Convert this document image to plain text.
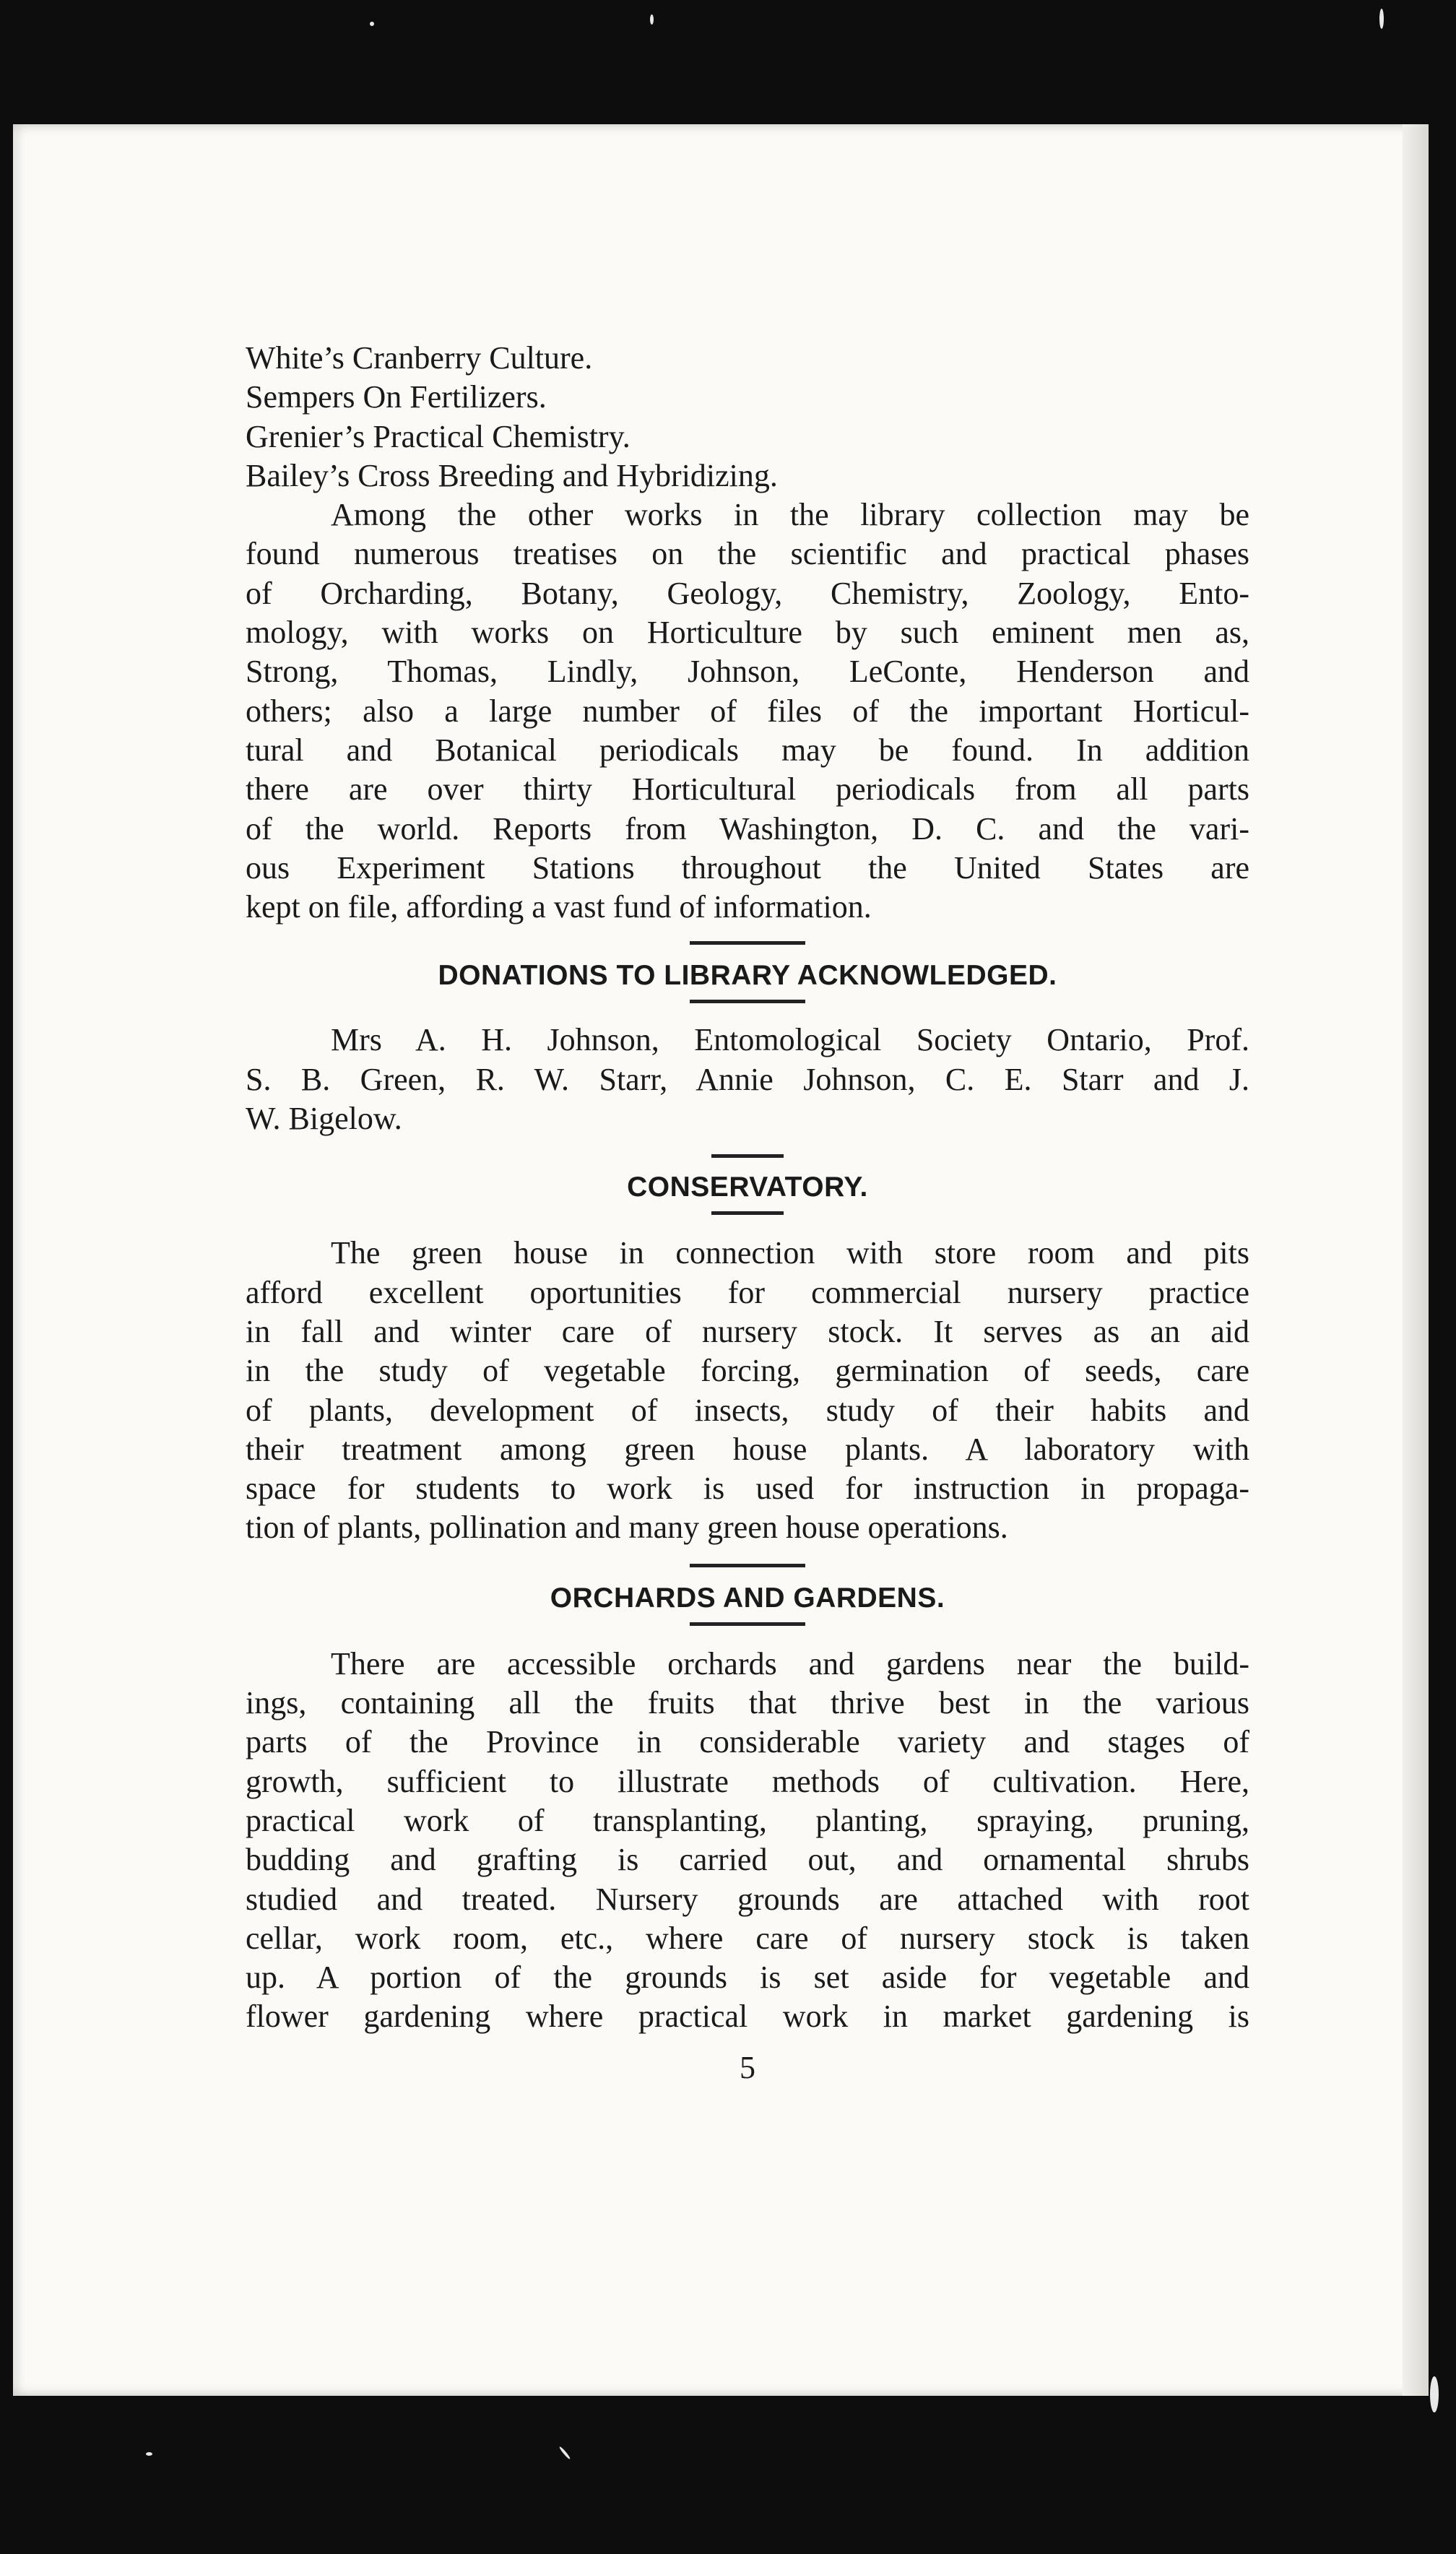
White’s Cranberry Culture.

Sempers On Fertilizers.

Grenier’s Practical Chemistry.

Bailey’s Cross Breeding and Hybridizing.

Among the other works in the library collection may be

found numerous treatises on the scientific and practical phases

of Orcharding, Botany, Geology, Chemistry, Zoology, Ento-

mology, with works on Horticulture by such eminent men as,

Strong, Thomas, Lindly, Johnson, LeConte, Henderson and

others; also a large number of files of the important Horticul-

tural and Botanical periodicals may be found. In addition

there are over thirty Horticultural periodicals from all parts

of the world. Reports from Washington, D. C. and the vari-

ous Experiment Stations throughout the United States are

kept on file, affording a vast fund of information.

DONATIONS TO LIBRARY ACKNOWLEDGED.

Mrs A. H. Johnson, Entomological Society Ontario, Prof.

S. B. Green, R. W. Starr, Annie Johnson, C. E. Starr and J.

W. Bigelow.

CONSERVATORY.

The green house in connection with store room and pits

afford excellent oportunities for commercial nursery practice

in fall and winter care of nursery stock. It serves as an aid

in the study of vegetable forcing, germination of seeds, care

of plants, development of insects, study of their habits and

their treatment among green house plants. A laboratory with

space for students to work is used for instruction in propaga-

tion of plants, pollination and many green house operations.

ORCHARDS AND GARDENS.

There are accessible orchards and gardens near the build-

ings, containing all the fruits that thrive best in the various

parts of the Province in considerable variety and stages of

growth, sufficient to illustrate methods of cultivation. Here,

practical work of transplanting, planting, spraying, pruning,

budding and grafting is carried out, and ornamental shrubs

studied and treated. Nursery grounds are attached with root

cellar, work room, etc., where care of nursery stock is taken

up. A portion of the grounds is set aside for vegetable and

flower gardening where practical work in market gardening is

5
